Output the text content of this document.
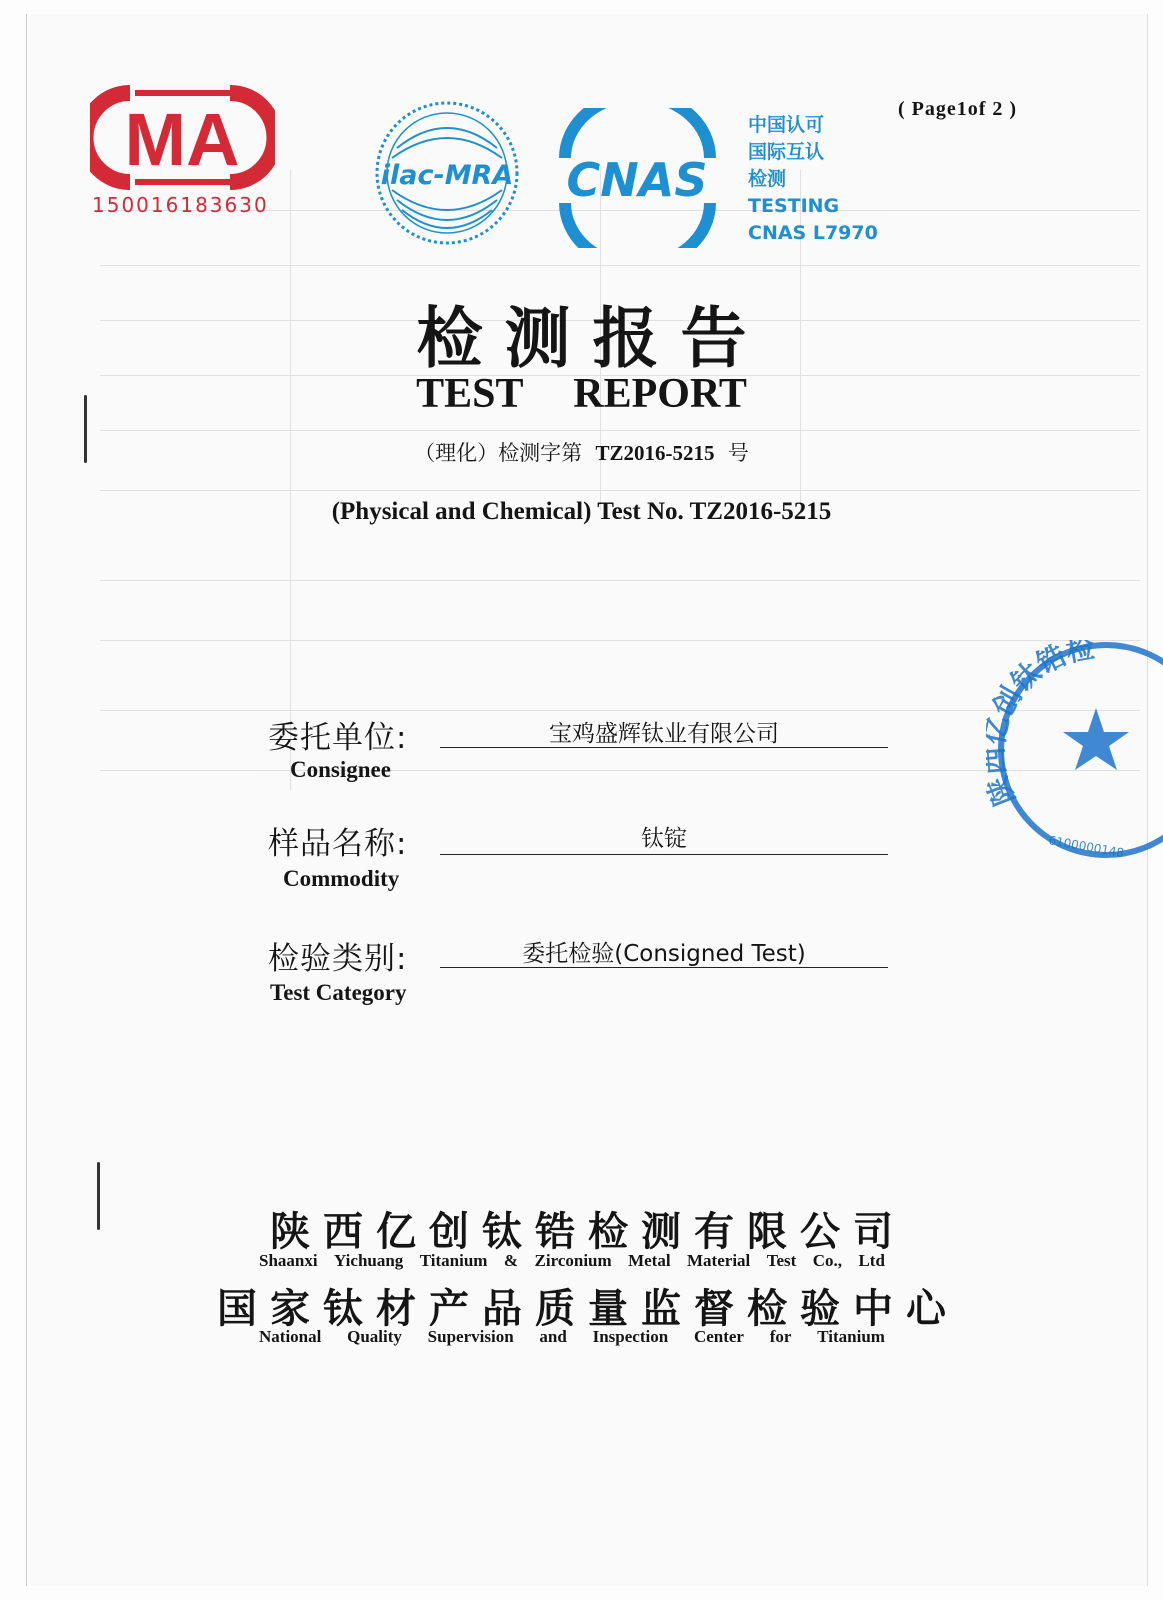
MA
150016183630
ilac-MRA CNAS
中国认可
国际互认
检测
TESTING
CNAS L7970
( Page1of 2 )
检测报告
TEST REPORT
（理化）检测字第 TZ2016-5215 号
(Physical and Chemical) Test No. TZ2016-5215
委托单位:
Consignee
宝鸡盛辉钛业有限公司
样品名称:
Commodity
钛锭
检验类别:
Test Category
委托检验(Consigned Test)
创钛锆检
6100000148
陕西亿创钛锆检测有限公司
Shaanxi Yichuang Titanium & Zirconium Metal Material Test Co., Ltd
国家钛材产品质量监督检验中心
National Quality Supervision and Inspection Center for Titanium
